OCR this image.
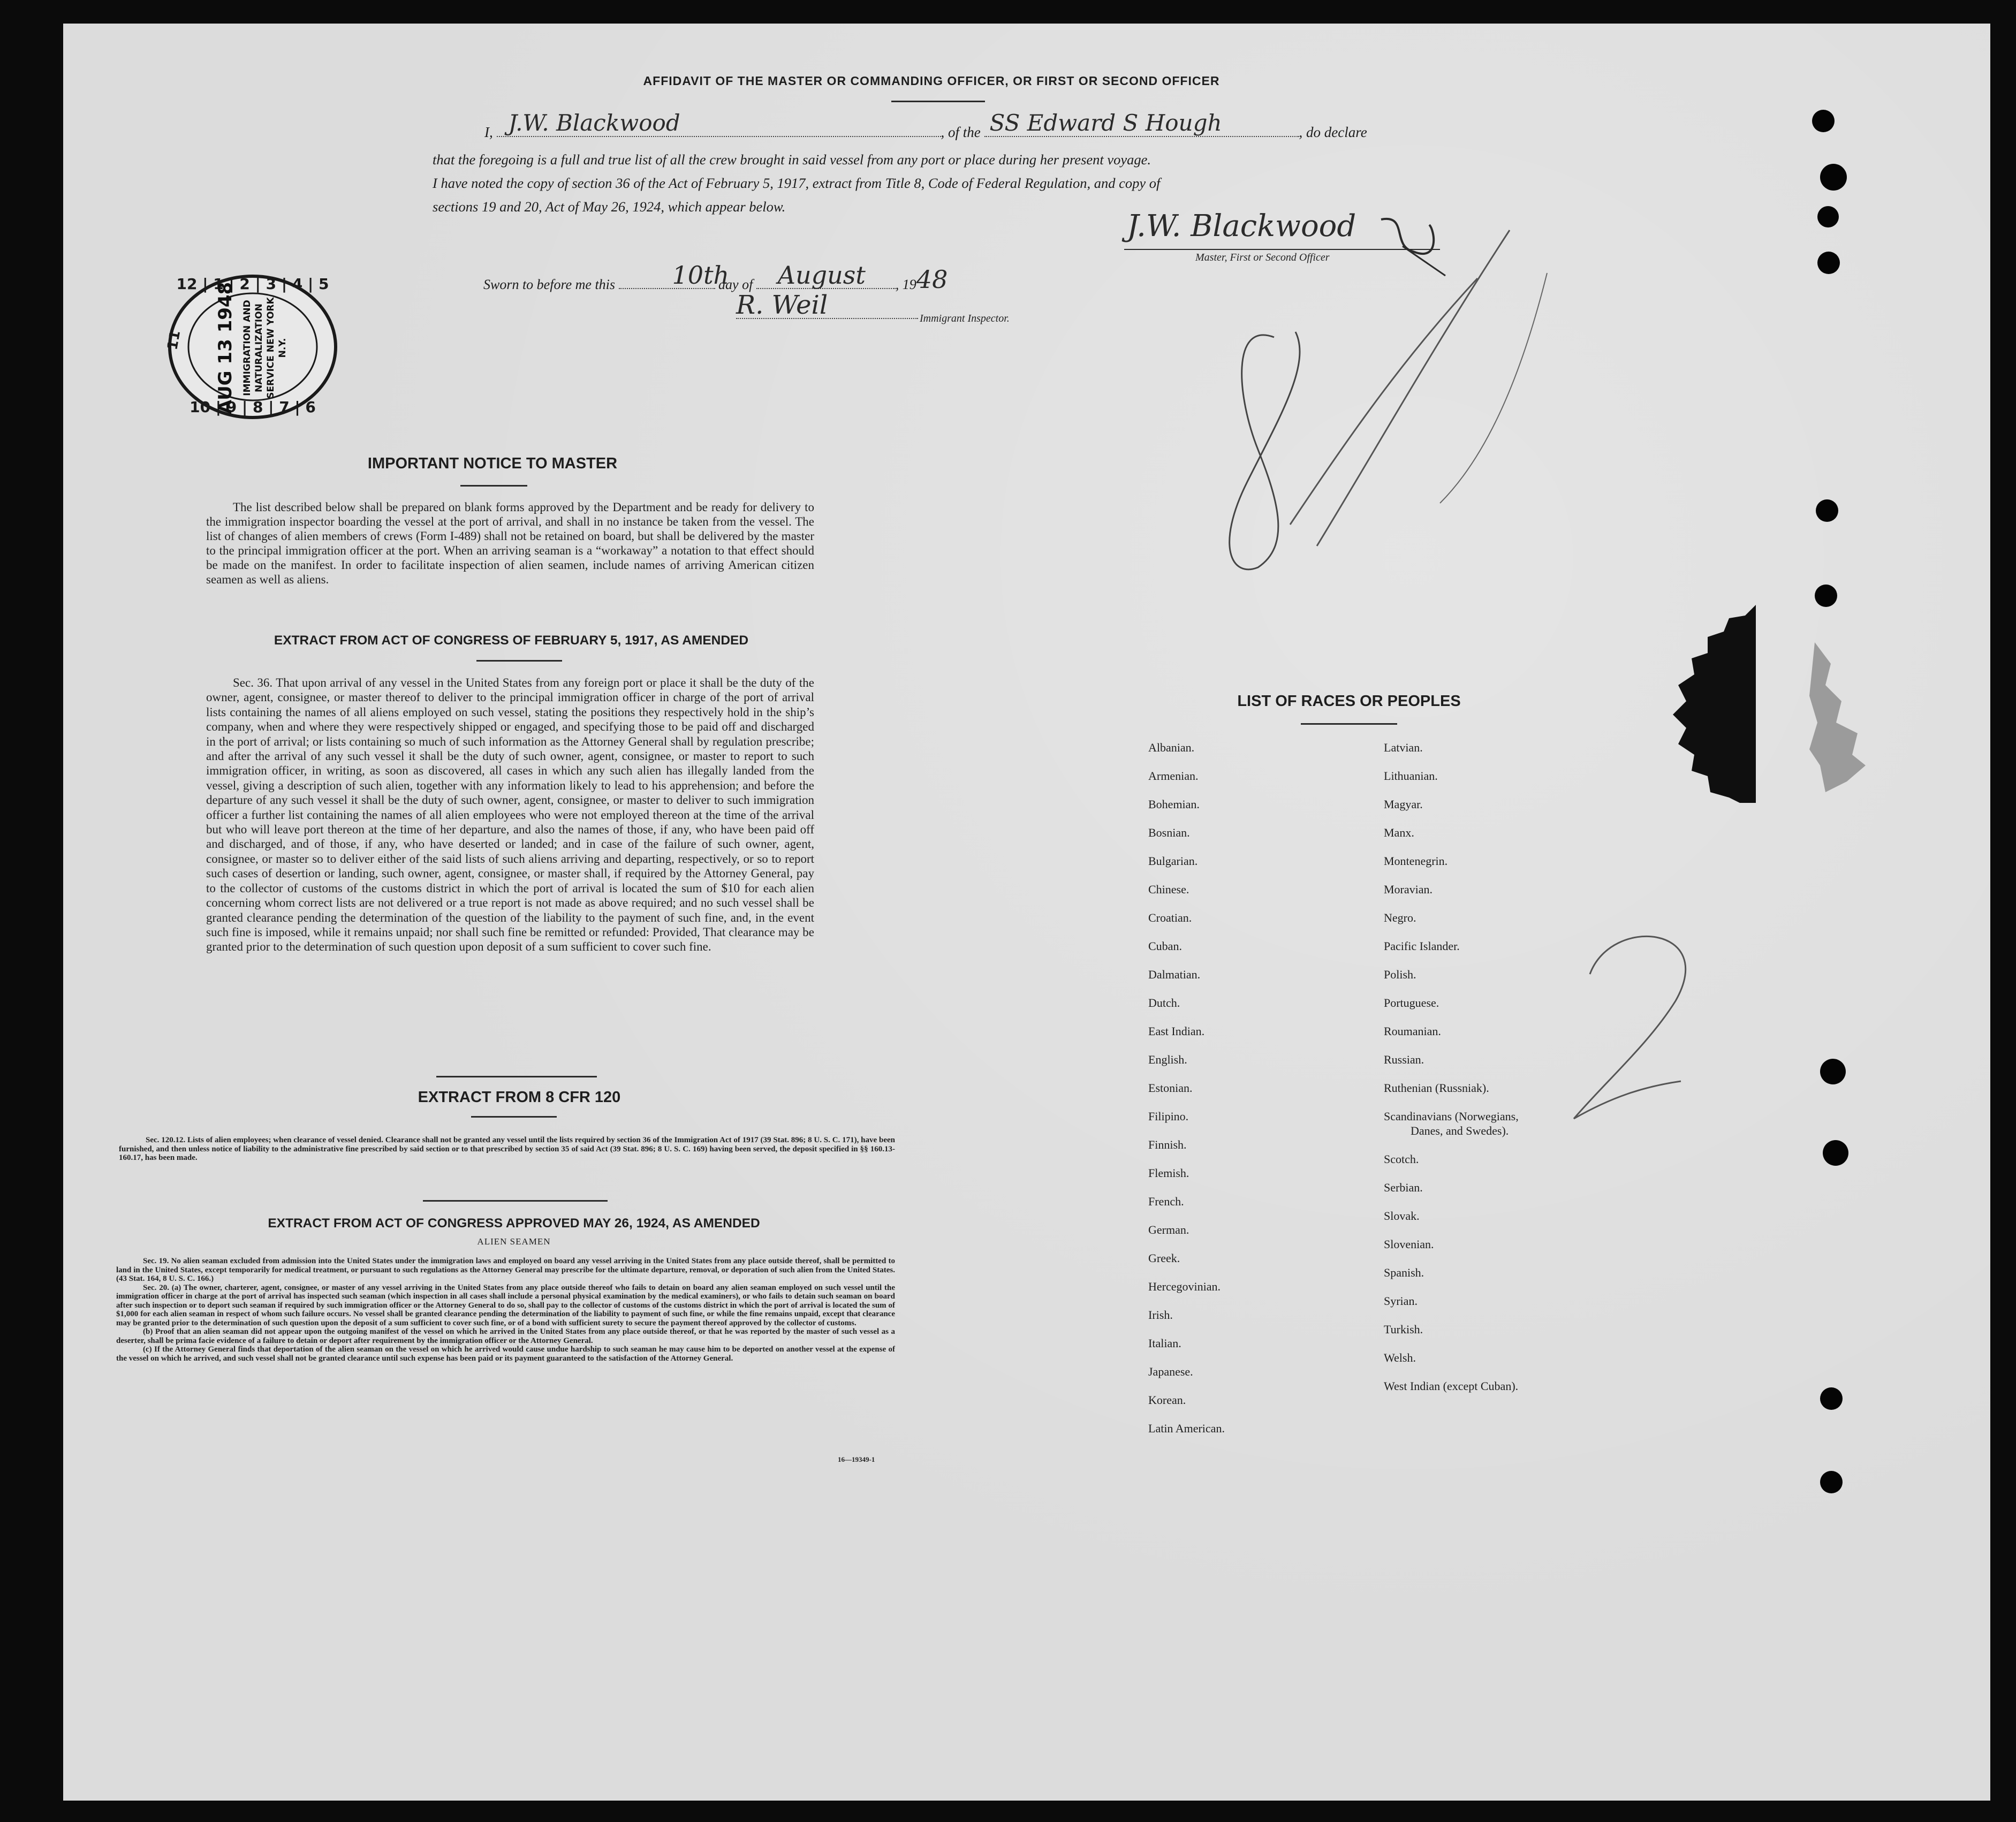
AFFIDAVIT OF THE MASTER OR COMMANDING OFFICER, OR FIRST OR SECOND OFFICER
I, J.W. Blackwood	, of the SS Edward S Hough	, do declare
that the foregoing is a full and true list of all the crew brought in said vessel from any port or place during her present voyage.
I have noted the copy of section 36 of the Act of February 5, 1917, extract from Title 8, Code of Federal Regulation, and copy of
sections 19 and 20, Act of May 26, 1924, which appear below.
J.W. Blackwood
Master, First or Second Officer
Sworn to before me this 10th
day of August , 1948
R. Weil	Immigrant Inspector.
12 | 1 | 2 | 3 | 4 | 5
10 | 9 | 8 | 7 | 6
11 AUG 13 1948 IMMIGRATION AND NATURALIZATION SERVICE NEW YORK N.Y.
IMPORTANT NOTICE TO MASTER
The list described below shall be prepared on blank forms approved by the Department and be ready for delivery to the immigration inspector boarding the vessel at the port of arrival, and shall in no instance be taken from the vessel. The list of changes of alien members of crews (Form I-489) shall not be retained on board, but shall be delivered by the master to the principal immigration officer at the port. When an arriving seaman is a “workaway” a notation to that effect should be made on the manifest. In order to facilitate inspection of alien seamen, include names of arriving American citizen seamen as well as aliens.
EXTRACT FROM ACT OF CONGRESS OF FEBRUARY 5, 1917, AS AMENDED
Sec. 36. That upon arrival of any vessel in the United States from any foreign port or place it shall be the duty of the owner, agent, consignee, or master thereof to deliver to the principal immigration officer in charge of the port of arrival lists containing the names of all aliens employed on such vessel, stating the positions they respectively hold in the ship’s company, when and where they were respectively shipped or engaged, and specifying those to be paid off and discharged in the port of arrival; or lists containing so much of such information as the Attorney General shall by regulation prescribe; and after the arrival of any such vessel it shall be the duty of such owner, agent, consignee, or master to report to such immigration officer, in writing, as soon as discovered, all cases in which any such alien has illegally landed from the vessel, giving a description of such alien, together with any information likely to lead to his apprehension; and before the departure of any such vessel it shall be the duty of such owner, agent, consignee, or master to deliver to such immigration officer a further list containing the names of all alien employees who were not employed thereon at the time of the arrival but who will leave port thereon at the time of her departure, and also the names of those, if any, who have been paid off and discharged, and of those, if any, who have deserted or landed; and in case of the failure of such owner, agent, consignee, or master so to deliver either of the said lists of such aliens arriving and departing, respectively, or so to report such cases of desertion or landing, such owner, agent, consignee, or master shall, if required by the Attorney General, pay to the collector of customs of the customs district in which the port of arrival is located the sum of $10 for each alien concerning whom correct lists are not delivered or a true report is not made as above required; and no such vessel shall be granted clearance pending the determination of the question of the liability to the payment of such fine, and, in the event such fine is imposed, while it remains unpaid; nor shall such fine be remitted or refunded: Provided, That clearance may be granted prior to the determination of such question upon deposit of a sum sufficient to cover such fine.
EXTRACT FROM 8 CFR 120
Sec. 120.12. Lists of alien employees; when clearance of vessel denied. Clearance shall not be granted any vessel until the lists required by section 36 of the Immigration Act of 1917 (39 Stat. 896; 8 U. S. C. 171), have been furnished, and then unless notice of liability to the administrative fine prescribed by said section or to that prescribed by section 35 of said Act (39 Stat. 896; 8 U. S. C. 169) having been served, the deposit specified in §§ 160.13-160.17, has been made.
EXTRACT FROM ACT OF CONGRESS APPROVED MAY 26, 1924, AS AMENDED
ALIEN SEAMEN
Sec. 19. No alien seaman excluded from admission into the United States under the immigration laws and employed on board any vessel arriving in the United States from any place outside thereof, shall be permitted to land in the United States, except temporarily for medical treatment, or pursuant to such regulations as the Attorney General may prescribe for the ultimate departure, removal, or deporation of such alien from the United States. (43 Stat. 164, 8 U. S. C. 166.)
Sec. 20. (a) The owner, charterer, agent, consignee, or master of any vessel arriving in the United States from any place outside thereof who fails to detain on board any alien seaman employed on such vessel until the immigration officer in charge at the port of arrival has inspected such seaman (which inspection in all cases shall include a personal physical examination by the medical examiners), or who fails to detain such seaman on board after such inspection or to deport such seaman if required by such immigration officer or the Attorney General to do so, shall pay to the collector of customs of the customs district in which the port of arrival is located the sum of $1,000 for each alien seaman in respect of whom such failure occurs. No vessel shall be granted clearance pending the determination of the liability to payment of such fine, or while the fine remains unpaid, except that clearance may be granted prior to the determination of such question upon the deposit of a sum sufficient to cover such fine, or of a bond with sufficient surety to secure the payment thereof approved by the collector of customs.
(b) Proof that an alien seaman did not appear upon the outgoing manifest of the vessel on which he arrived in the United States from any place outside thereof, or that he was reported by the master of such vessel as a deserter, shall be prima facie evidence of a failure to detain or deport after requirement by the immigration officer or the Attorney General.
(c) If the Attorney General finds that deportation of the alien seaman on the vessel on which he arrived would cause undue hardship to such seaman he may cause him to be deported on another vessel at the expense of the vessel on which he arrived, and such vessel shall not be granted clearance until such expense has been paid or its payment guaranteed to the satisfaction of the Attorney General.
16—19349-1
LIST OF RACES OR PEOPLES
Albanian.
Armenian.
Bohemian.
Bosnian.
Bulgarian.
Chinese.
Croatian.
Cuban.
Dalmatian.
Dutch.
East Indian.
English.
Estonian.
Filipino.
Finnish.
Flemish.
French.
German.
Greek.
Hercegovinian.
Irish.
Italian.
Japanese.
Korean.
Latin American.
Latvian.
Lithuanian.
Magyar.
Manx.
Montenegrin.
Moravian.
Negro.
Pacific Islander.
Polish.
Portuguese.
Roumanian.
Russian.
Ruthenian (Russniak).
Scandinavians (Norwegians,
Danes, and Swedes).
Scotch.
Serbian.
Slovak.
Slovenian.
Spanish.
Syrian.
Turkish.
Welsh.
West Indian (except Cuban).
